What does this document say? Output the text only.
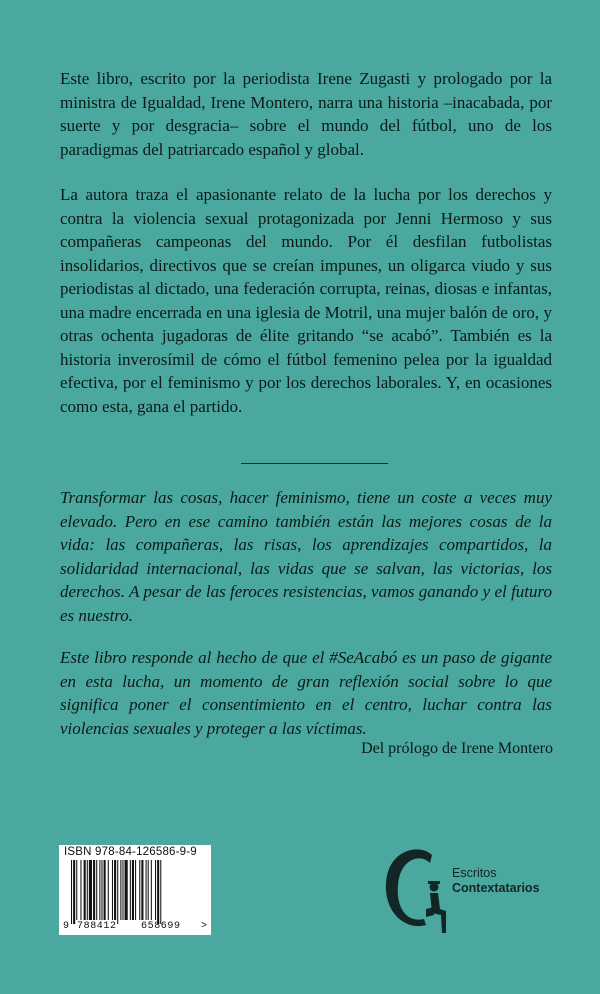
Este libro, escrito por la periodista Irene Zugasti y prologado por la ministra de Igualdad, Irene Montero, narra una historia –inacabada, por suerte y por desgracia– sobre el mundo del fútbol, uno de los paradigmas del patriarcado español y global.

La autora traza el apasionante relato de la lucha por los derechos y contra la violencia sexual protagonizada por Jenni Hermoso y sus compañeras campeonas del mundo. Por él desfilan futbolistas insolidarios, directivos que se creían impunes, un oligarca viudo y sus periodistas al dictado, una federación corrupta, reinas, diosas e infantas, una madre encerrada en una iglesia de Motril, una mujer balón de oro, y otras ochenta jugadoras de élite gritando “se acabó”. También es la historia inverosímil de cómo el fútbol femenino pelea por la igualdad efectiva, por el feminismo y por los derechos laborales. Y, en ocasiones como esta, gana el partido.

Transformar las cosas, hacer feminismo, tiene un coste a veces muy elevado. Pero en ese camino también están las mejores cosas de la vida: las compañeras, las risas, los aprendizajes compartidos, la solidaridad internacional, las vidas que se salvan, las victorias, los derechos. A pesar de las feroces resistencias, vamos ganando y el futuro es nuestro.

Este libro responde al hecho de que el #SeAcabó es un paso de gigante en esta lucha, un momento de gran reflexión social sobre lo que significa poner el consentimiento en el centro, luchar contra las violencias sexuales y proteger a las víctimas.

Del prólogo de Irene Montero
ISBN 978-84-126586-9-9
9 788412 658699 >
Escritos
Contextatarios
